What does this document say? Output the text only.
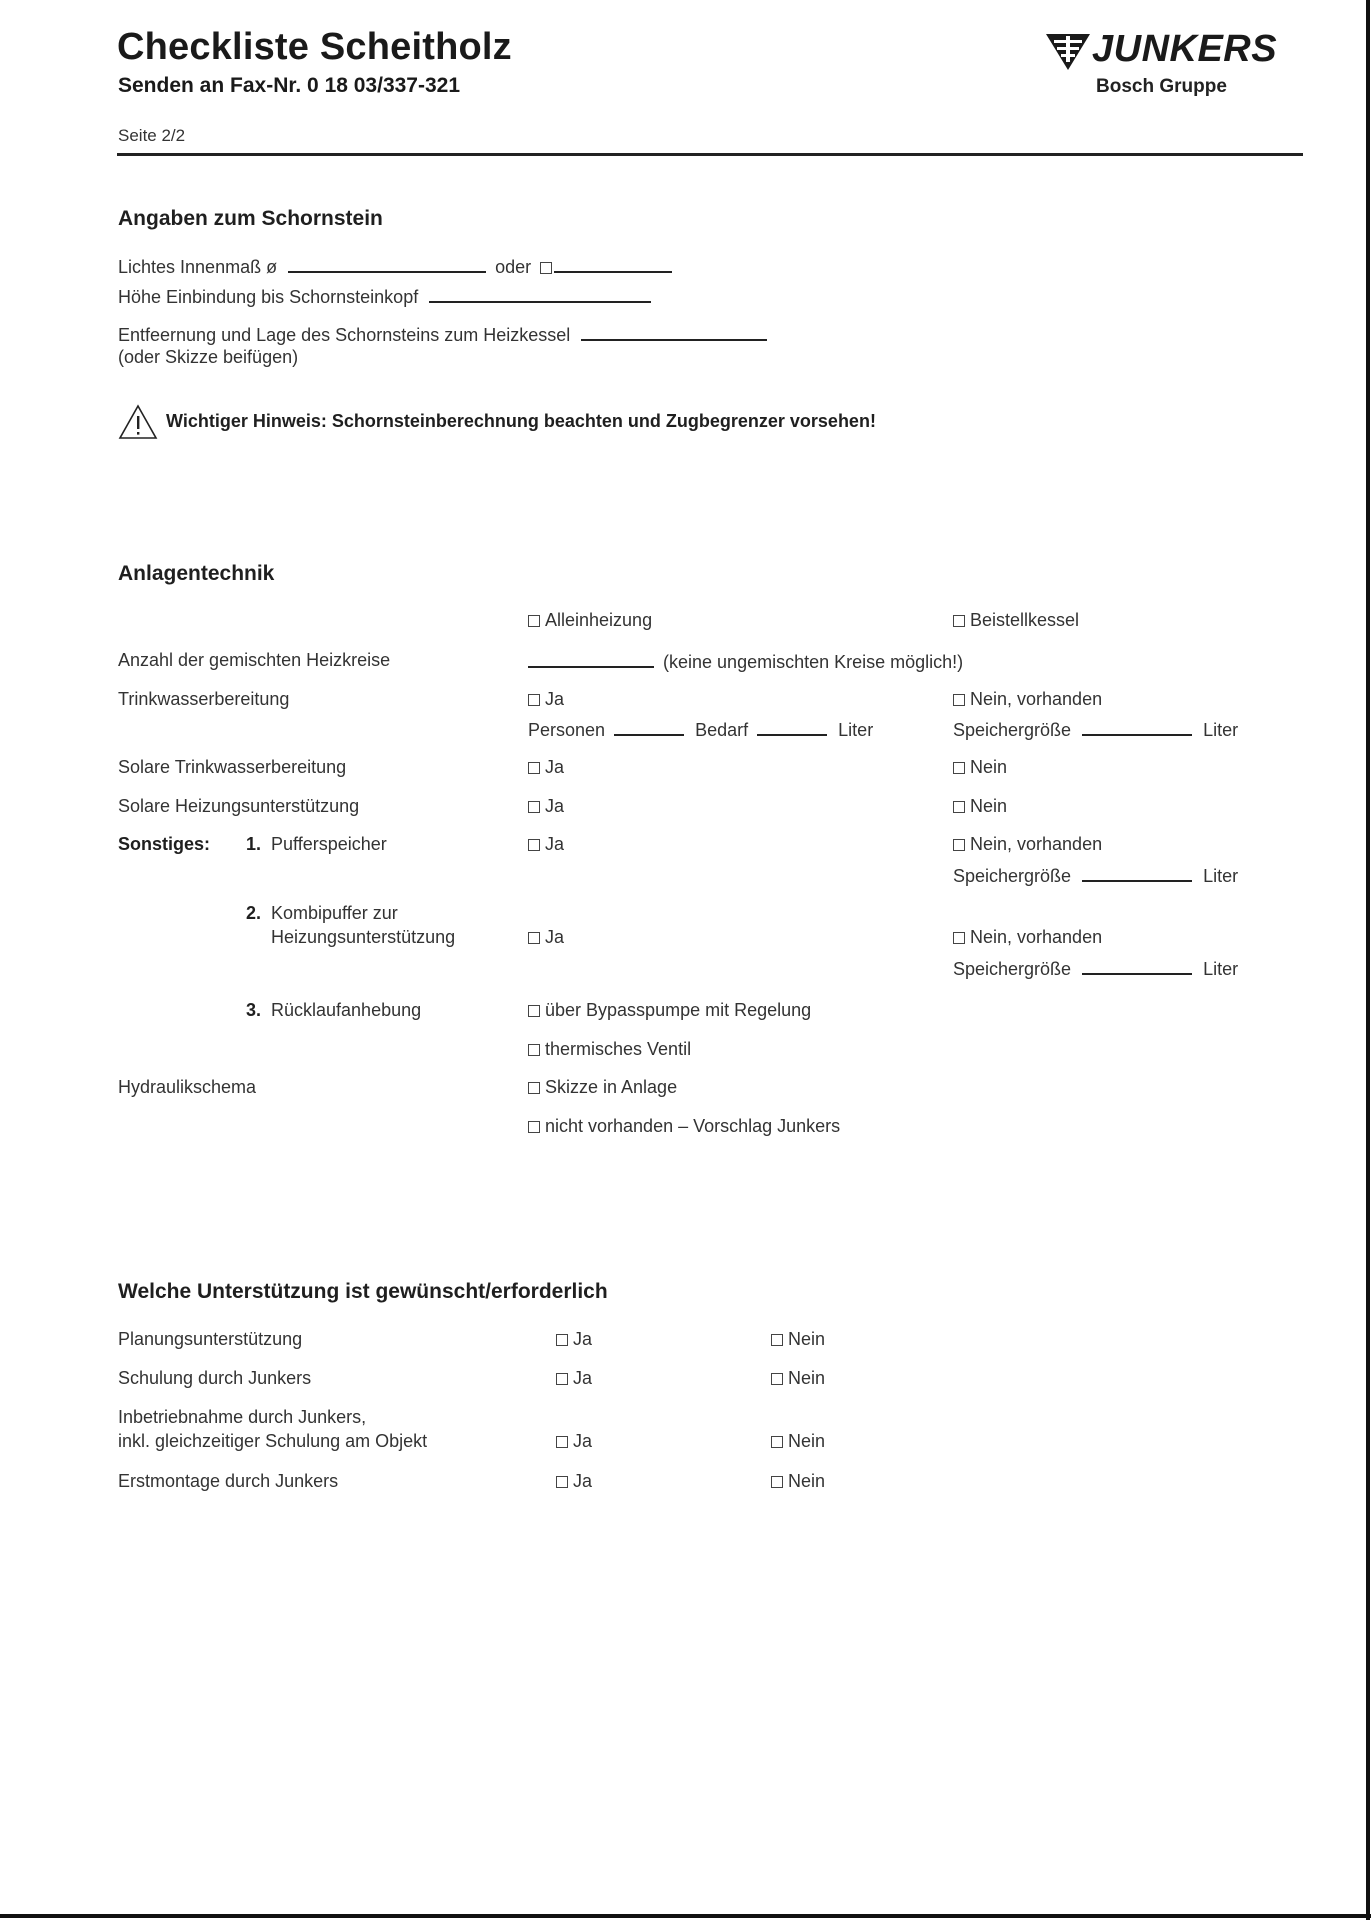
Checkliste Scheitholz
Senden an Fax-Nr. 0 18 03/337-321
Seite 2/2
JUNKERS
Bosch Gruppe
Angaben zum Schornstein
Lichtes Innenmaß ø	oder
Höhe Einbindung bis Schornsteinkopf
Entfeernung und Lage des Schornsteins zum Heizkessel
(oder Skizze beifügen)
Wichtiger Hinweis: Schornsteinberechnung beachten und Zugbegrenzer vorsehen!
Anlagentechnik
Alleinheizung	Beistellkessel
Anzahl der gemischten Heizkreise	(keine ungemischten Kreise möglich!)
Trinkwasserbereitung	Ja	Nein, vorhanden
Personen	Bedarf	Liter	Speichergröße	Liter
Solare Trinkwasserbereitung	Ja	Nein
Solare Heizungsunterstützung	Ja	Nein
Sonstiges: 1. Pufferspeicher	Ja	Nein, vorhanden
Speichergröße	Liter
2. Kombipuffer zur
Heizungsunterstützung	Ja	Nein, vorhanden
Speichergröße	Liter
3. Rücklaufanhebung	über Bypasspumpe mit Regelung
thermisches Ventil
Hydraulikschema	Skizze in Anlage
nicht vorhanden – Vorschlag Junkers
Welche Unterstützung ist gewünscht/erforderlich
Planungsunterstützung	Ja	Nein
Schulung durch Junkers	Ja	Nein
Inbetriebnahme durch Junkers,
inkl. gleichzeitiger Schulung am Objekt	Ja	Nein
Erstmontage durch Junkers	Ja	Nein
